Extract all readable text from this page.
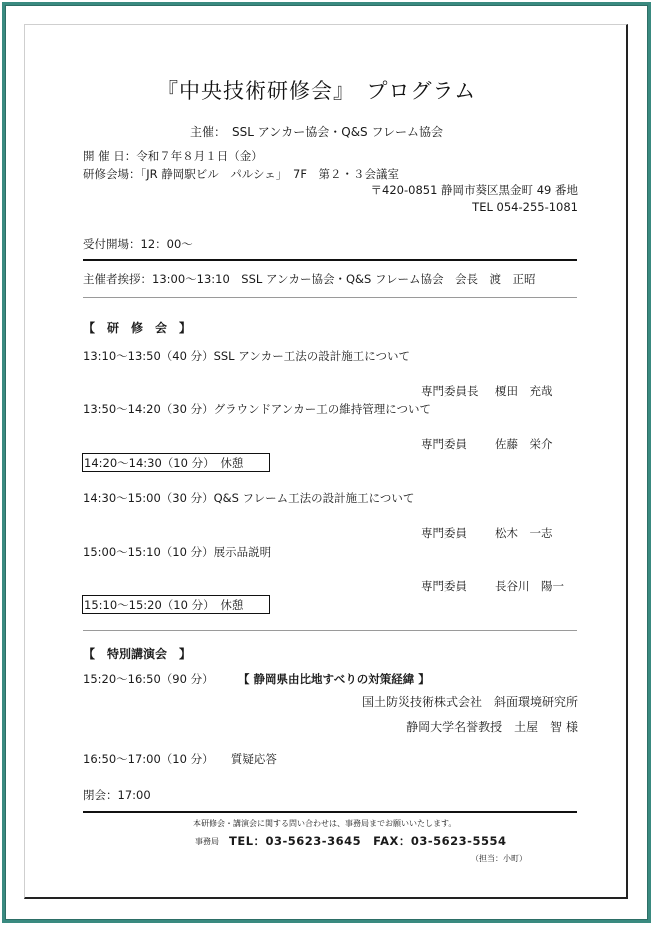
『中央技術研修会』　プログラム
主催：　SSL アンカー協会・Q&S フレーム協会
開 催 日：令和７年８月１日（金）
研修会場：「JR 静岡駅ビル　パルシェ」　7F　第２・３会議室
〒420-0851 静岡市葵区黒金町 49 番地
TEL 054-255-1081
受付開場：12：00～
主催者挨拶：13:00～13:10　SSL アンカー協会・Q&S フレーム協会　会長　渡　正昭
【　研　修　会　】
13:10～13:50（40 分）SSL アンカー工法の設計施工について
専門委員長 榎田　充哉
13:50～14:20（30 分）グラウンドアンカー工の維持管理について
専門委員 佐藤　栄介
14:20～14:30（10 分）　休憩
14:30～15:00（30 分）Q&S フレーム工法の設計施工について
専門委員 松木　一志
15:00～15:10（10 分）展示品説明
専門委員 長谷川　陽一
15:10～15:20（10 分）　休憩
【　特別講演会　】
15:20～16:50（90 分） 【 静岡県由比地すべりの対策経緯 】
国土防災技術株式会社　斜面環境研究所
静岡大学名誉教授　土屋　智 様
16:50～17:00（10 分）　　質疑応答
閉会：17:00
本研修会・講演会に関する問い合わせは、事務局までお願いいたします。
事務局 TEL：03-5623-3645　FAX：03-5623-5554
（担当：小町）
